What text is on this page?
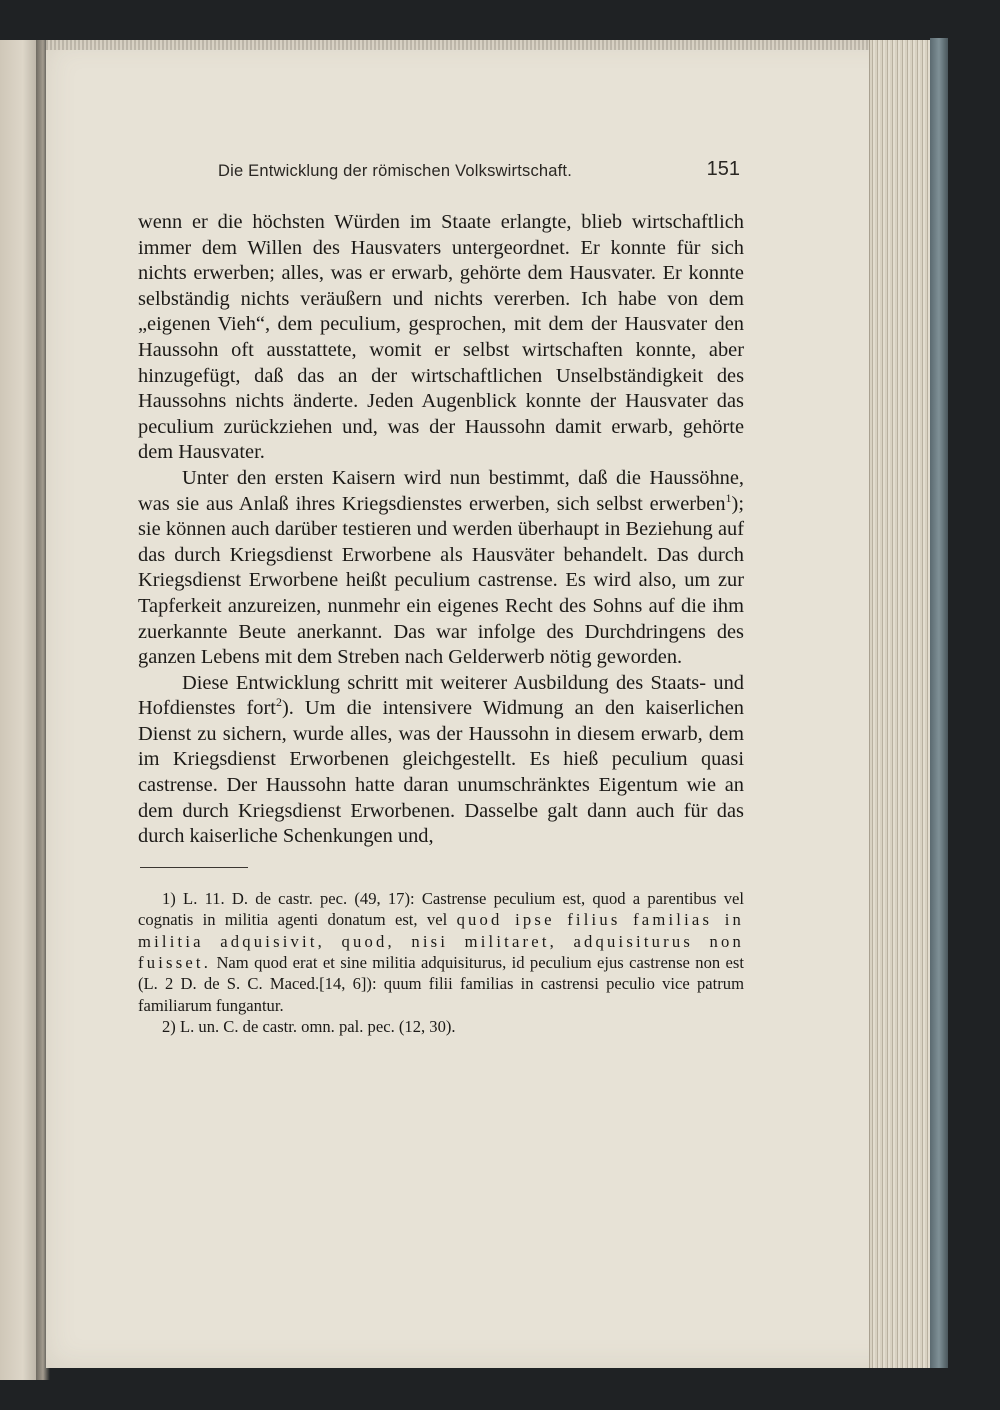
Die Entwicklung der römischen Volkswirtschaft.	151

wenn er die höchsten Würden im Staate erlangte, blieb wirtschaftlich immer dem Willen des Hausvaters untergeordnet. Er konnte für sich nichts erwerben; alles, was er erwarb, gehörte dem Hausvater. Er konnte selbständig nichts veräußern und nichts vererben. Ich habe von dem „eigenen Vieh“, dem peculium, gesprochen, mit dem der Hausvater den Haussohn oft ausstattete, womit er selbst wirtschaften konnte, aber hinzugefügt, daß das an der wirtschaftlichen Unselbständigkeit des Haussohns nichts änderte. Jeden Augenblick konnte der Hausvater das peculium zurückziehen und, was der Haussohn damit erwarb, gehörte dem Hausvater.

Unter den ersten Kaisern wird nun bestimmt, daß die Haussöhne, was sie aus Anlaß ihres Kriegsdienstes erwerben, sich selbst erwerben$^1$); sie können auch darüber testieren und werden überhaupt in Beziehung auf das durch Kriegsdienst Erworbene als Hausväter behandelt. Das durch Kriegsdienst Erworbene heißt peculium castrense. Es wird also, um zur Tapferkeit anzureizen, nunmehr ein eigenes Recht des Sohns auf die ihm zuerkannte Beute anerkannt. Das war infolge des Durchdringens des ganzen Lebens mit dem Streben nach Gelderwerb nötig geworden.

Diese Entwicklung schritt mit weiterer Ausbildung des Staats- und Hofdienstes fort$^2$). Um die intensivere Widmung an den kaiserlichen Dienst zu sichern, wurde alles, was der Haussohn in diesem erwarb, dem im Kriegsdienst Erworbenen gleichgestellt. Es hieß peculium quasi castrense. Der Haussohn hatte daran unumschränktes Eigentum wie an dem durch Kriegsdienst Erworbenen. Dasselbe galt dann auch für das durch kaiserliche Schenkungen und,

1) L. 11. D. de castr. pec. (49, 17): Castrense peculium est, quod a parentibus vel cognatis in militia agenti donatum est, vel quod ipse filius familias in militia adquisivit, quod, nisi militaret, adquisiturus non fuisset. Nam quod erat et sine militia adquisiturus, id peculium ejus castrense non est (L. 2 D. de S. C. Maced.[14, 6]): quum filii familias in castrensi peculio vice patrum familiarum fungantur.

2) L. un. C. de castr. omn. pal. pec. (12, 30).
